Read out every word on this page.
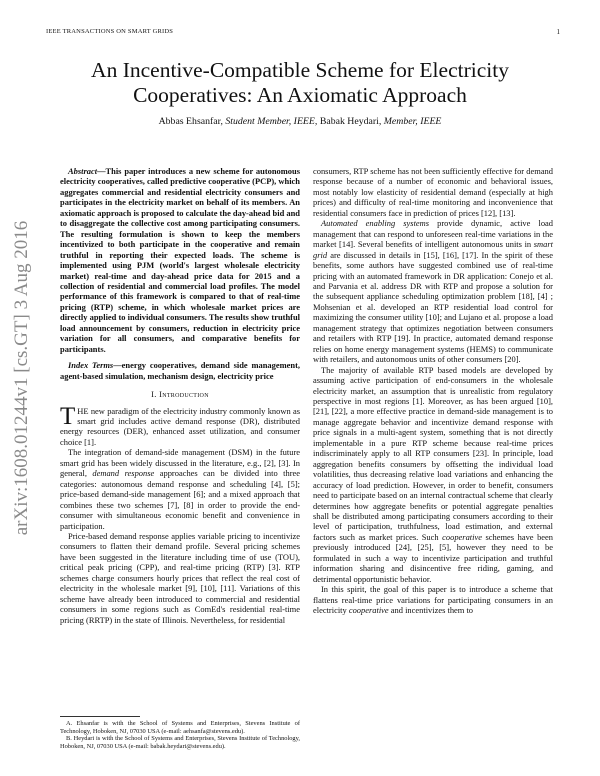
IEEE TRANSACTIONS ON SMART GRIDS	1
arXiv:1608.01244v1 [cs.GT] 3 Aug 2016
An Incentive-Compatible Scheme for Electricity
Cooperatives: An Axiomatic Approach
Abbas Ehsanfar, Student Member, IEEE, Babak Heydari, Member, IEEE

Abstract—This paper introduces a new scheme for autonomous electricity cooperatives, called predictive cooperative (PCP), which aggregates commercial and residential electricity consumers and participates in the electricity market on behalf of its members. An axiomatic approach is proposed to calculate the day-ahead bid and to disaggregate the collective cost among participating consumers. The resulting formulation is shown to keep the members incentivized to both participate in the cooperative and remain truthful in reporting their expected loads. The scheme is implemented using PJM (world's largest wholesale electricity market) real-time and day-ahead price data for 2015 and a collection of residential and commercial load profiles. The model performance of this framework is compared to that of real-time pricing (RTP) scheme, in which wholesale market prices are directly applied to individual consumers. The results show truthful load announcement by consumers, reduction in electricity price variation for all consumers, and comparative benefits for participants.

Index Terms—energy cooperatives, demand side management, agent-based simulation, mechanism design, electricity price

I. Introduction

THE new paradigm of the electricity industry commonly known as smart grid includes active demand response (DR), distributed energy resources (DER), enhanced asset utilization, and consumer choice [1].

The integration of demand-side management (DSM) in the future smart grid has been widely discussed in the literature, e.g., [2], [3]. In general, demand response approaches can be divided into three categories: autonomous demand response and scheduling [4], [5]; price-based demand-side management [6]; and a mixed approach that combines these two schemes [7], [8] in order to provide the end-consumer with simultaneous economic benefit and convenience in participation.

Price-based demand response applies variable pricing to incentivize consumers to flatten their demand profile. Several pricing schemes have been suggested in the literature including time of use (TOU), critical peak pricing (CPP), and real-time pricing (RTP) [3]. RTP schemes charge consumers hourly prices that reflect the real cost of electricity in the wholesale market [9], [10], [11]. Variations of this scheme have already been introduced to commercial and residential consumers in some regions such as ComEd's residential real-time pricing (RRTP) in the state of Illinois. Nevertheless, for residential

A. Ehsanfar is with the School of Systems and Enterprises, Stevens Institute of Technology, Hoboken, NJ, 07030 USA (e-mail: aehsanfa@stevens.edu).

B. Heydari is with the School of Systems and Enterprises, Stevens Institute of Technology, Hoboken, NJ, 07030 USA (e-mail: babak.heydari@stevens.edu).

consumers, RTP scheme has not been sufficiently effective for demand response because of a number of economic and behavioral issues, most notably low elasticity of residential demand (especially at high prices) and difficulty of real-time monitoring and inconvenience that residential consumers face in prediction of prices [12], [13].

Automated enabling systems provide dynamic, active load management that can respond to unforeseen real-time variations in the market [14]. Several benefits of intelligent autonomous units in smart grid are discussed in details in [15], [16], [17]. In the spirit of these benefits, some authors have suggested combined use of real-time pricing with an automated framework in DR application: Conejo et al. and Parvania et al. address DR with RTP and propose a solution for the subsequent appliance scheduling optimization problem [18], [4] ; Mohsenian et al. developed an RTP residential load control for maximizing the consumer utility [10]; and Lujano et al. propose a load management strategy that optimizes negotiation between consumers and retailers with RTP [19]. In practice, automated demand response relies on home energy management systems (HEMS) to communicate with retailers, and autonomous units of other consumers [20].

The majority of available RTP based models are developed by assuming active participation of end-consumers in the wholesale electricity market, an assumption that is unrealistic from regulatory perspective in most regions [1]. Moreover, as has been argued [10], [21], [22], a more effective practice in demand-side management is to manage aggregate behavior and incentivize demand response with price signals in a multi-agent system, something that is not directly implementable in a pure RTP scheme because real-time prices indiscriminately apply to all RTP consumers [23]. In principle, load aggregation benefits consumers by offsetting the individual load volatilities, thus decreasing relative load variations and enhancing the accuracy of load prediction. However, in order to benefit, consumers need to participate based on an internal contractual scheme that clearly determines how aggregate benefits or potential aggregate penalties shall be distributed among participating consumers according to their level of participation, truthfulness, load estimation, and external factors such as market prices. Such cooperative schemes have been previously introduced [24], [25], [5], however they need to be formulated in such a way to incentivize participation and truthful information sharing and disincentive free riding, gaming, and detrimental opportunistic behavior.

In this spirit, the goal of this paper is to introduce a scheme that flattens real-time price variations for participating consumers in an electricity cooperative and incentivizes them to
